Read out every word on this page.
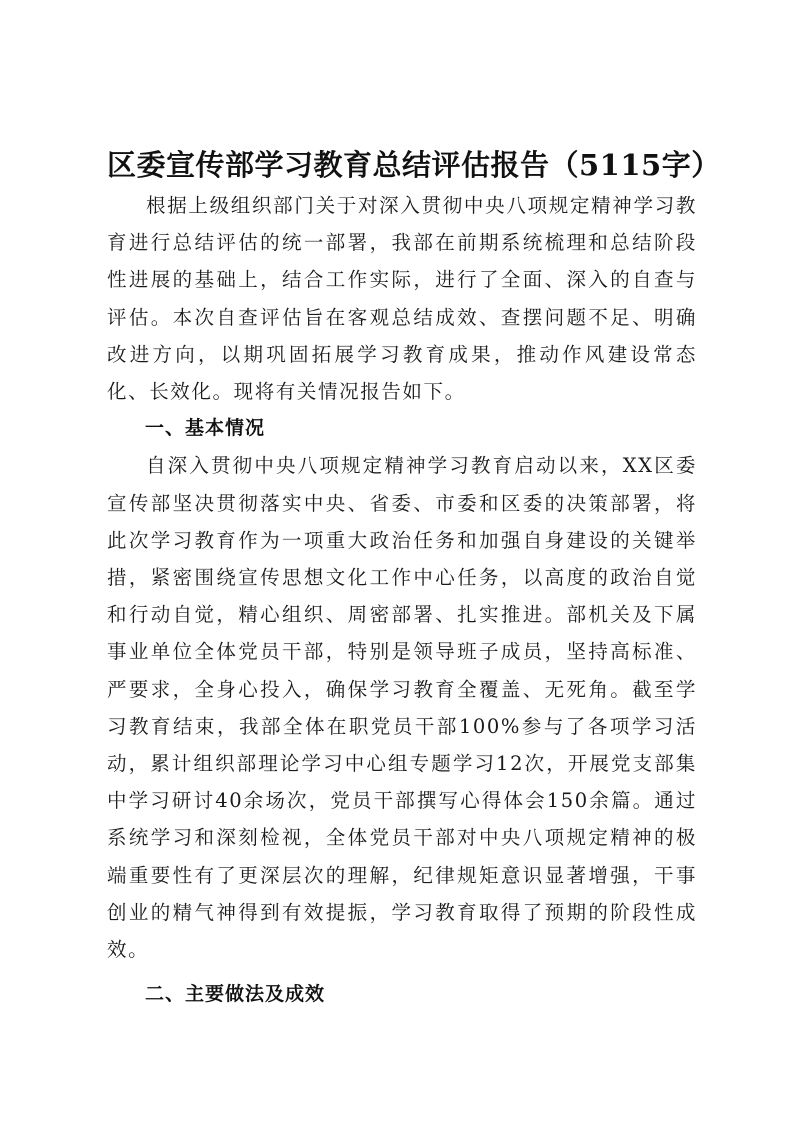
区委宣传部学习教育总结评估报告（5115字）

根据上级组织部门关于对深入贯彻中央八项规定精神学习教育进行总结评估的统一部署，我部在前期系统梳理和总结阶段性进展的基础上，结合工作实际，进行了全面、深入的自查与评估。本次自查评估旨在客观总结成效、查摆问题不足、明确改进方向，以期巩固拓展学习教育成果，推动作风建设常态化、长效化。现将有关情况报告如下。

一、基本情况

自深入贯彻中央八项规定精神学习教育启动以来，XX区委宣传部坚决贯彻落实中央、省委、市委和区委的决策部署，将此次学习教育作为一项重大政治任务和加强自身建设的关键举措，紧密围绕宣传思想文化工作中心任务，以高度的政治自觉和行动自觉，精心组织、周密部署、扎实推进。部机关及下属事业单位全体党员干部，特别是领导班子成员，坚持高标准、严要求，全身心投入，确保学习教育全覆盖、无死角。截至学习教育结束，我部全体在职党员干部100%参与了各项学习活动，累计组织部理论学习中心组专题学习12次，开展党支部集中学习研讨40余场次，党员干部撰写心得体会150余篇。通过系统学习和深刻检视，全体党员干部对中央八项规定精神的极端重要性有了更深层次的理解，纪律规矩意识显著增强，干事创业的精气神得到有效提振，学习教育取得了预期的阶段性成效。

二、主要做法及成效
